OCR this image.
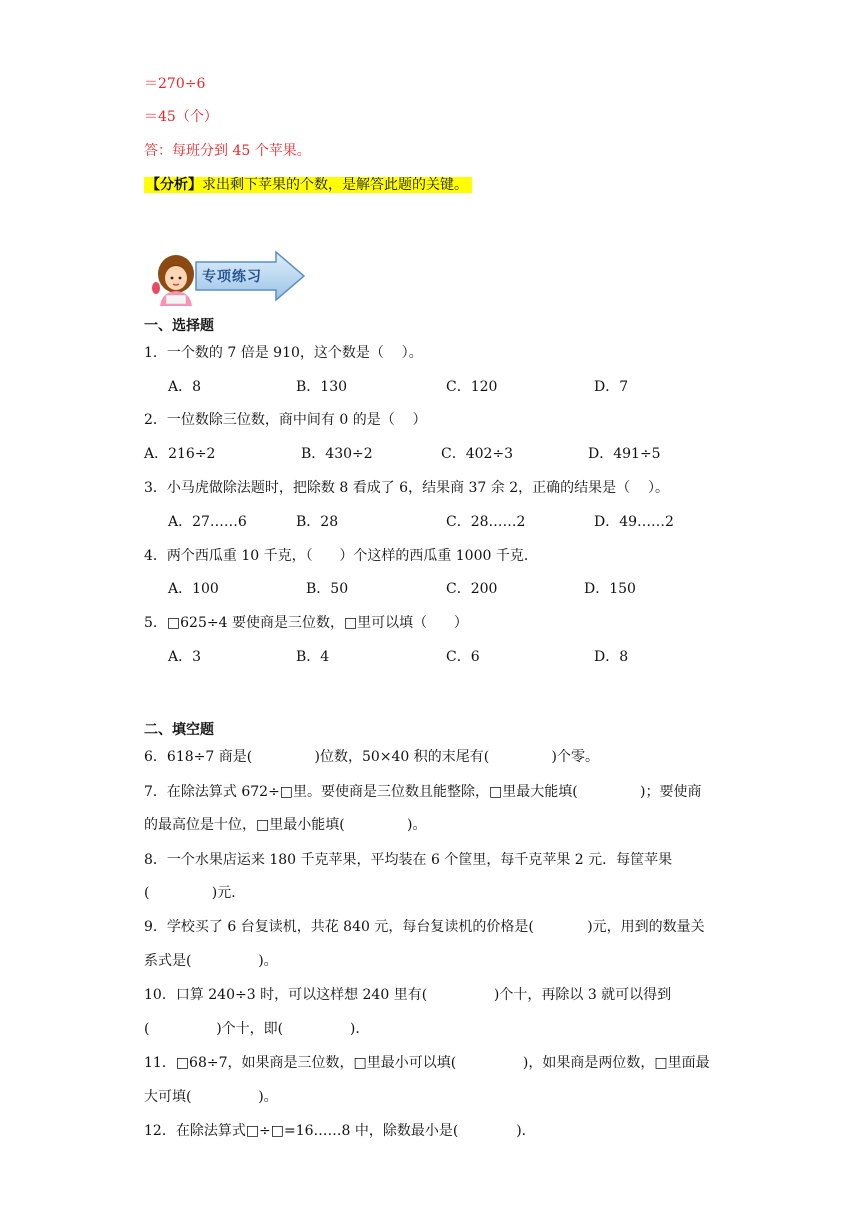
＝270÷6
＝45（个）
答：每班分到 45 个苹果。
【分析】求出剩下苹果的个数，是解答此题的关键。
专项练习
一、选择题
1．一个数的 7 倍是 910，这个数是（    ）。
A．8	B．130	C．120	D．7
2．一位数除三位数，商中间有 0 的是（    ）
A．216÷2	B．430÷2	C．402÷3	D．491÷5
3．小马虎做除法题时，把除数 8 看成了 6，结果商 37 余 2，正确的结果是（    ）。
A．27……6	B．28	C．28……2	D．49……2
4．两个西瓜重 10 千克，（      ）个这样的西瓜重 1000 千克．
A．100	B．50	C．200	D．150
5．□625÷4 要使商是三位数，□里可以填（      ）
A．3	B．4	C．6	D．8
二、填空题
6．618÷7 商是(              )位数，50×40 积的末尾有(              )个零。
7．在除法算式 672÷□里。要使商是三位数且能整除，□里最大能填(              )；要使商
的最高位是十位，□里最小能填(              )。
8．一个水果店运来 180 千克苹果，平均装在 6 个筐里，每千克苹果 2 元．每筐苹果
(              )元．
9．学校买了 6 台复读机，共花 840 元，每台复读机的价格是(            )元，用到的数量关
系式是(               )。
10．口算 240÷3 时，可以这样想 240 里有(               )个十，再除以 3 就可以得到
(               )个十，即(               )．
11．□68÷7，如果商是三位数，□里最小可以填(               )，如果商是两位数，□里面最
大可填(               )。
12．在除法算式□÷□=16……8 中，除数最小是(             )．
